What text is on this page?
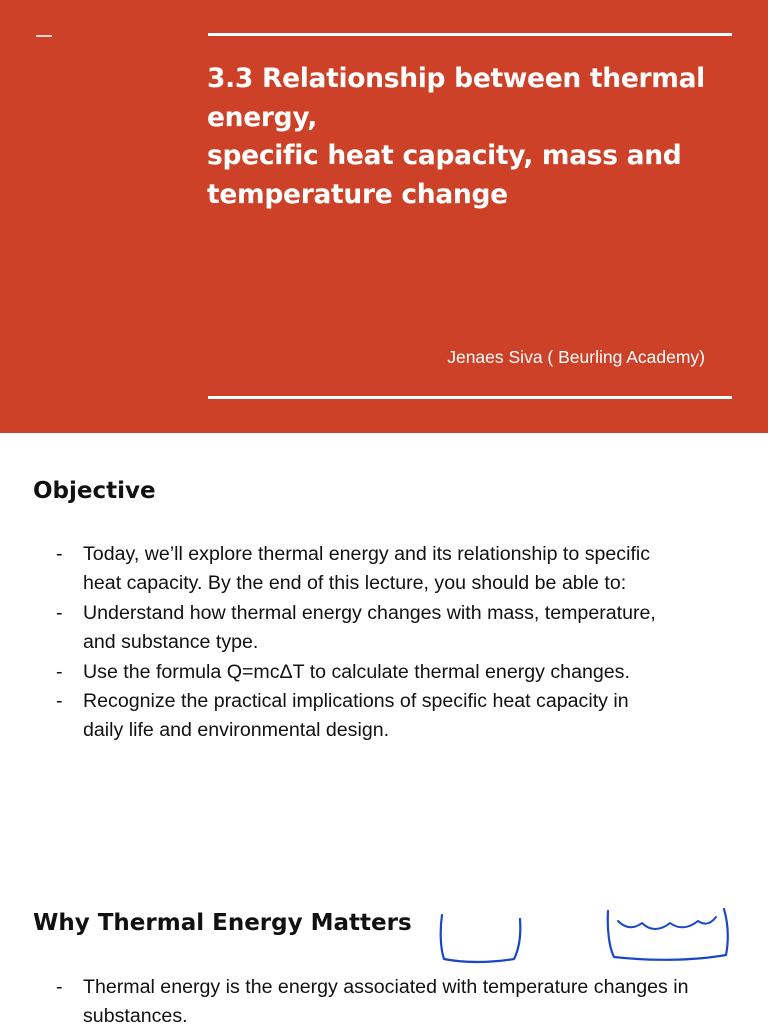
3.3 Relationship between thermal
energy,
specific heat capacity, mass and
temperature change
Jenaes Siva ( Beurling Academy)
Objective
- Today, we’ll explore thermal energy and its relationship to specific
heat capacity. By the end of this lecture, you should be able to:
- Understand how thermal energy changes with mass, temperature,
and substance type.
- Use the formula Q=mcΔT to calculate thermal energy changes.
- Recognize the practical implications of specific heat capacity in
daily life and environmental design.
Why Thermal Energy Matters
- Thermal energy is the energy associated with temperature changes in
substances.
